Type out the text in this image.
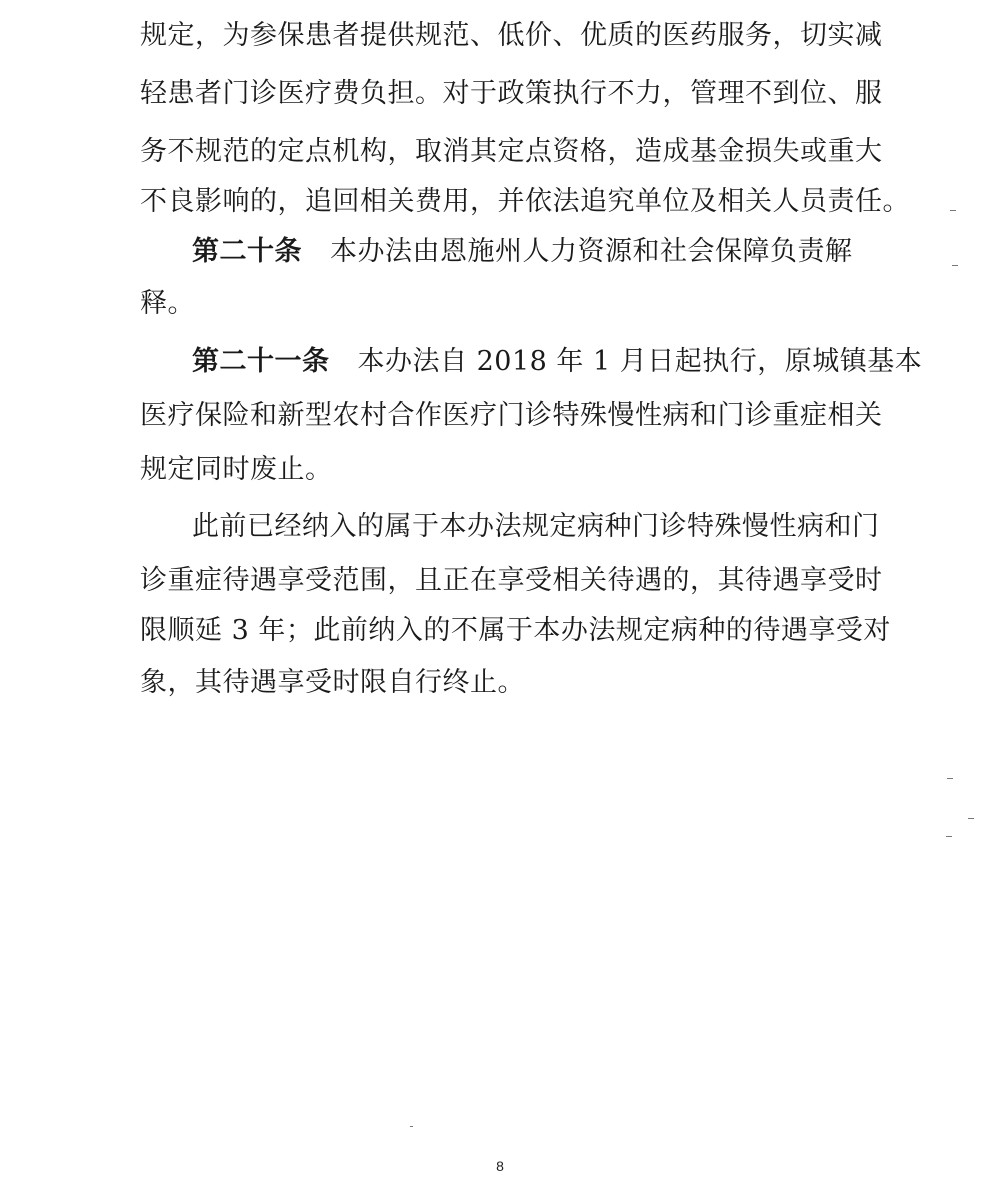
规定，为参保患者提供规范、低价、优质的医药服务，切实减
轻患者门诊医疗费负担。对于政策执行不力，管理不到位、服
务不规范的定点机构，取消其定点资格，造成基金损失或重大
不良影响的，追回相关费用，并依法追究单位及相关人员责任。
第二十条 本办法由恩施州人力资源和社会保障负责解
释。
第二十一条 本办法自 2018 年 1 月日起执行，原城镇基本
医疗保险和新型农村合作医疗门诊特殊慢性病和门诊重症相关
规定同时废止。
此前已经纳入的属于本办法规定病种门诊特殊慢性病和门
诊重症待遇享受范围，且正在享受相关待遇的，其待遇享受时
限顺延 3 年；此前纳入的不属于本办法规定病种的待遇享受对
象，其待遇享受时限自行终止。
8
